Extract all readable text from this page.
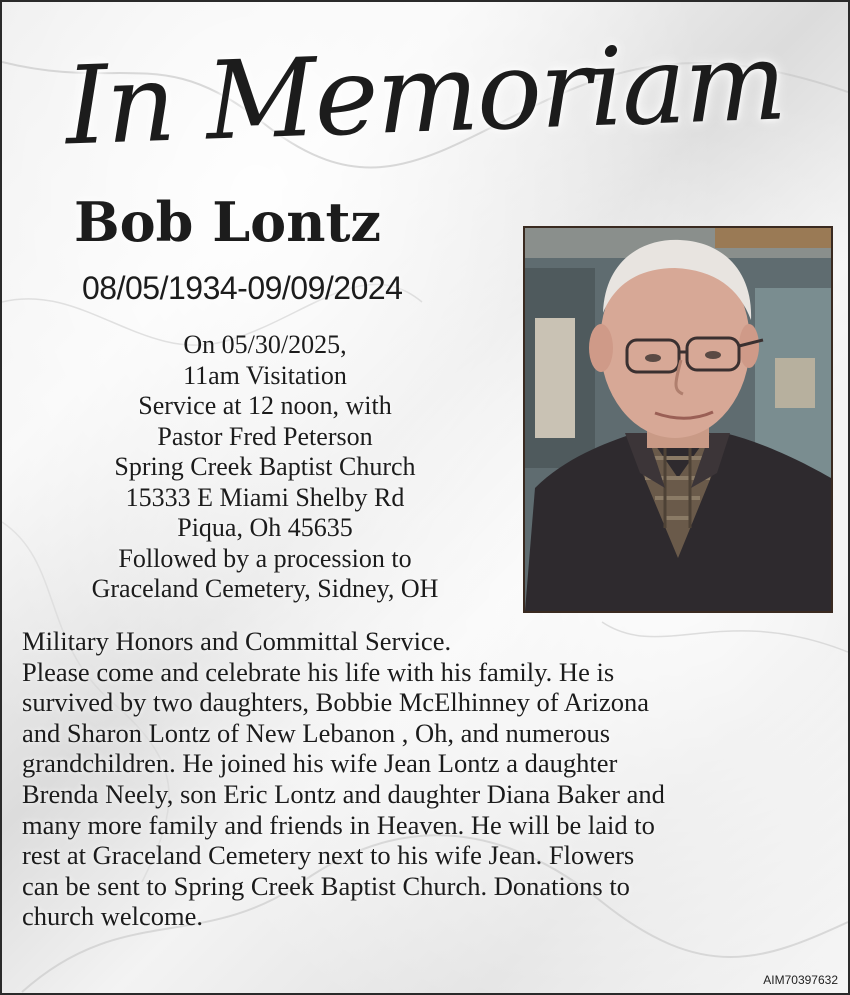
In Memoriam
Bob Lontz
08/05/1934-09/09/2024
On 05/30/2025,
11am Visitation
Service at 12 noon, with
Pastor Fred Peterson
Spring Creek Baptist Church
15333 E Miami Shelby Rd
Piqua, Oh 45635
Followed by a procession to
Graceland Cemetery, Sidney, OH
Military Honors and Committal Service.
Please come and celebrate his life with his family. He is
survived by two daughters, Bobbie McElhinney of Arizona
and Sharon Lontz of New Lebanon , Oh, and numerous
grandchildren. He joined his wife Jean Lontz a daughter
Brenda Neely, son Eric Lontz and daughter Diana Baker and
many more family and friends in Heaven. He will be laid to
rest at Graceland Cemetery next to his wife Jean. Flowers
can be sent to Spring Creek Baptist Church. Donations to
church welcome.
AIM70397632
